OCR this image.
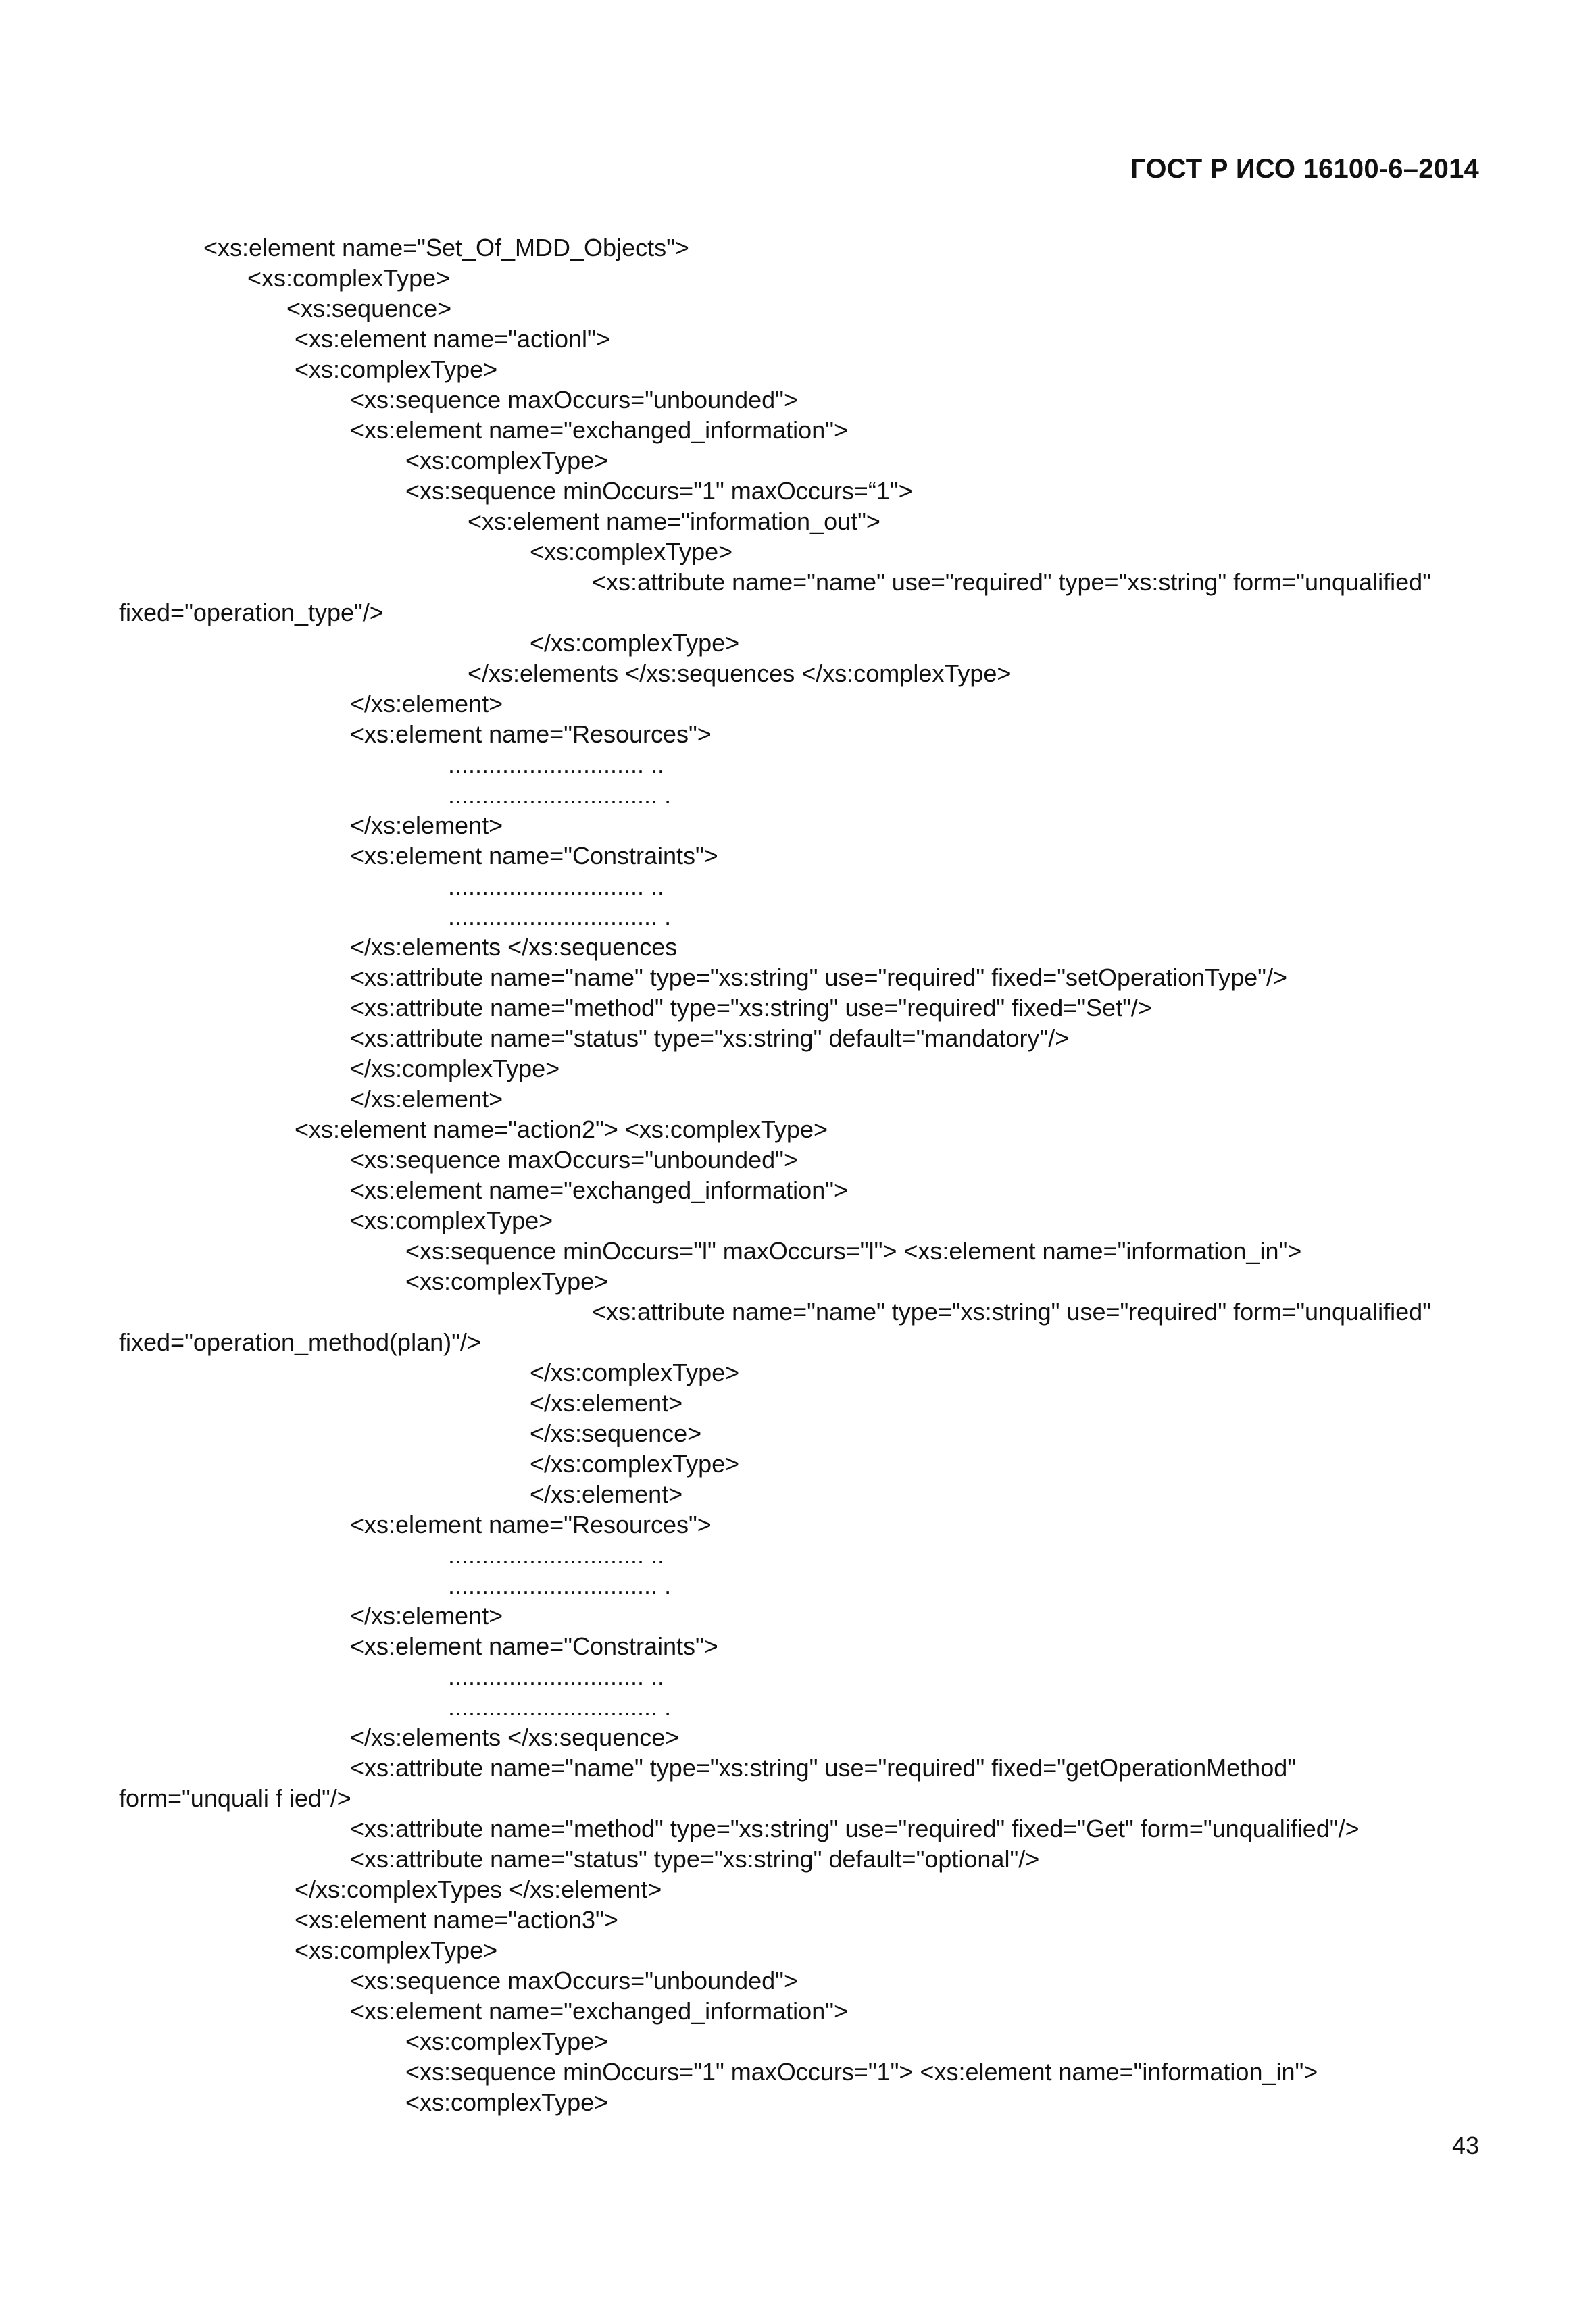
ГОСТ Р ИСО 16100-6–2014
<xs:element name="Set_Of_MDD_Objects">
<xs:complexType>
<xs:sequence>
<xs:element name="actionl">
<xs:complexType>
<xs:sequence maxOccurs="unbounded">
<xs:element name="exchanged_information">
<xs:complexType>
<xs:sequence minOccurs="1" maxOccurs=“1">
<xs:element name="information_out">
<xs:complexType>
<xs:attribute name="name" use="required" type="xs:string" form="unqualified"
fixed="operation_type"/>
</xs:complexType>
</xs:elements </xs:sequences </xs:complexType>
</xs:element>
<xs:element name="Resources">
............................. ..
............................... .
</xs:element>
<xs:element name="Constraints">
............................. ..
............................... .
</xs:elements </xs:sequences
<xs:attribute name="name" type="xs:string" use="required" fixed="setOperationType"/>
<xs:attribute name="method" type="xs:string" use="required" fixed="Set"/>
<xs:attribute name="status" type="xs:string" default="mandatory"/>
</xs:complexType>
</xs:element>
<xs:element name="action2"> <xs:complexType>
<xs:sequence maxOccurs="unbounded">
<xs:element name="exchanged_information">
<xs:complexType>
<xs:sequence minOccurs="l" maxOccurs="l"> <xs:element name="information_in">
<xs:complexType>
<xs:attribute name="name" type="xs:string" use="required" form="unqualified"
fixed="operation_method(plan)"/>
</xs:complexType>
</xs:element>
</xs:sequence>
</xs:complexType>
</xs:element>
<xs:element name="Resources">
............................. ..
............................... .
</xs:element>
<xs:element name="Constraints">
............................. ..
............................... .
</xs:elements </xs:sequence>
<xs:attribute name="name" type="xs:string" use="required" fixed="getOperationMethod"
form="unquali f ied"/>
<xs:attribute name="method" type="xs:string" use="required" fixed="Get" form="unqualified"/>
<xs:attribute name="status" type="xs:string" default="optional"/>
</xs:complexTypes </xs:element>
<xs:element name="action3">
<xs:complexType>
<xs:sequence maxOccurs="unbounded">
<xs:element name="exchanged_information">
<xs:complexType>
<xs:sequence minOccurs="1" maxOccurs="1"> <xs:element name="information_in">
<xs:complexType>
43
